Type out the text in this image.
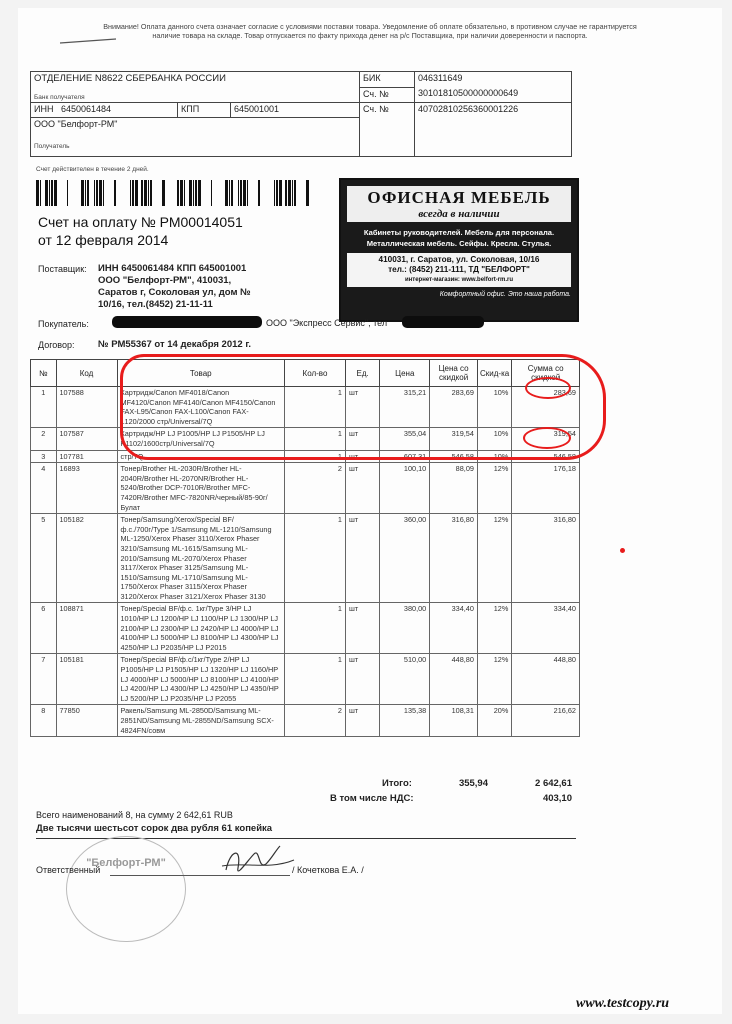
Внимание! Оплата данного счета означает согласие с условиями поставки товара. Уведомление об оплате обязательно, в противном случае не гарантируется наличие товара на складе. Товар отпускается по факту прихода денег на р/с Поставщика, при наличии доверенности и паспорта.
ОТДЕЛЕНИЕ N8622 СБЕРБАНКА РОССИИ
Банк получателя			БИК	046311649
			Сч. №	30101810500000000649
ИНН 6450061484	КПП	645001001	Сч. №	40702810256360001226

ООО "Белфорт-РМ"
Получатель				
Счет действителен в течение 2 дней.
Счет на оплату № РМ00014051
от 12 февраля 2014
Поставщик: ИНН 6450061484 КПП 645001001
ООО "Белфорт-РМ", 410031,
Саратов г, Соколовая ул, дом №
10/16, тел.(8452) 21-11-11
ОФИСНАЯ МЕБЕЛЬ
всегда в наличии
Кабинеты руководителей. Мебель для персонала.
Металлическая мебель. Сейфы. Кресла. Стулья.
410031, г. Саратов, ул. Соколовая, 10/16
тел.: (8452) 211-111, ТД "БЕЛФОРТ"
интернет-магазин: www.belfort-rm.ru
Комфортный офис. Это наша работа.
Покупатель:	ООО "Экспресс Сервис", тел
Договор: № РМ55367 от 14 декабря 2012 г.
№	Код	Товар	Кол-во	Ед.	Цена	Цена со скидкой	Скид-ка	Сумма со скидкой
1	107588	Картридж/Canon MF4018/Canon MF4120/Canon MF4140/Canon MF4150/Canon FAX-L95/Canon FAX-L100/Canon FAX-L120/2000 стр/Universal/7Q	1	шт	315,21	283,69	10%	283,69
2	107587	Картридж/HP LJ P1005/HP LJ P1505/HP LJ P1102/1600стр/Universal/7Q	1	шт	355,04	319,54	10%	319,54
3	107781	стр/7Q	1	шт	607,31	546,58	10%	546,58
4	16893	Тонер/Brother HL-2030R/Brother HL-2040R/Brother HL-2070NR/Brother HL-5240/Brother DCP-7010R/Brother MFC-7420R/Brother MFC-7820NR/черный/85-90г/Булат	2	шт	100,10	88,09	12%	176,18
5	105182	Тонер/Samsung/Xerox/Special BF/ф.с./700г/Type 1/Samsung ML-1210/Samsung ML-1250/Xerox Phaser 3110/Xerox Phaser 3210/Samsung ML-1615/Samsung ML-2010/Samsung ML-2070/Xerox Phaser 3117/Xerox Phaser 3125/Samsung ML-1510/Samsung ML-1710/Samsung ML-1750/Xerox Phaser 3115/Xerox Phaser 3120/Xerox Phaser 3121/Xerox Phaser 3130	1	шт	360,00	316,80	12%	316,80
6	108871	Тонер/Special BF/ф.с. 1кг/Type 3/HP LJ 1010/HP LJ 1200/HP LJ 1100/HP LJ 1300/HP LJ 2100/HP LJ 2300/HP LJ 2420/HP LJ 4000/HP LJ 4100/HP LJ 5000/HP LJ 8100/HP LJ 4300/HP LJ 4250/HP LJ P2035/HP LJ P2015	1	шт	380,00	334,40	12%	334,40
7	105181	Тонер/Special BF/ф.с/1кг/Type 2/HP LJ P1005/HP LJ P1505/HP LJ 1320/HP LJ 1160/HP LJ 4000/HP LJ 5000/HP LJ 8100/HP LJ 4100/HP LJ 4200/HP LJ 4300/HP LJ 4250/HP LJ 4350/HP LJ 5200/HP LJ P2035/HP LJ P2055	1	шт	510,00	448,80	12%	448,80
8	77850	Ракель/Samsung ML-2850D/Samsung ML-2851ND/Samsung ML-2855ND/Samsung SCX-4824FN/совм	2	шт	135,38	108,31	20%	216,62
Итого:	355,94	2 642,61
В том числе НДС:	403,10
Всего наименований 8, на сумму 2 642,61 RUB
Две тысячи шестьсот сорок два рубля 61 копейка
"Белфорт-РМ"
Ответственный	/ Кочеткова Е.А. /
www.testcopy.ru
